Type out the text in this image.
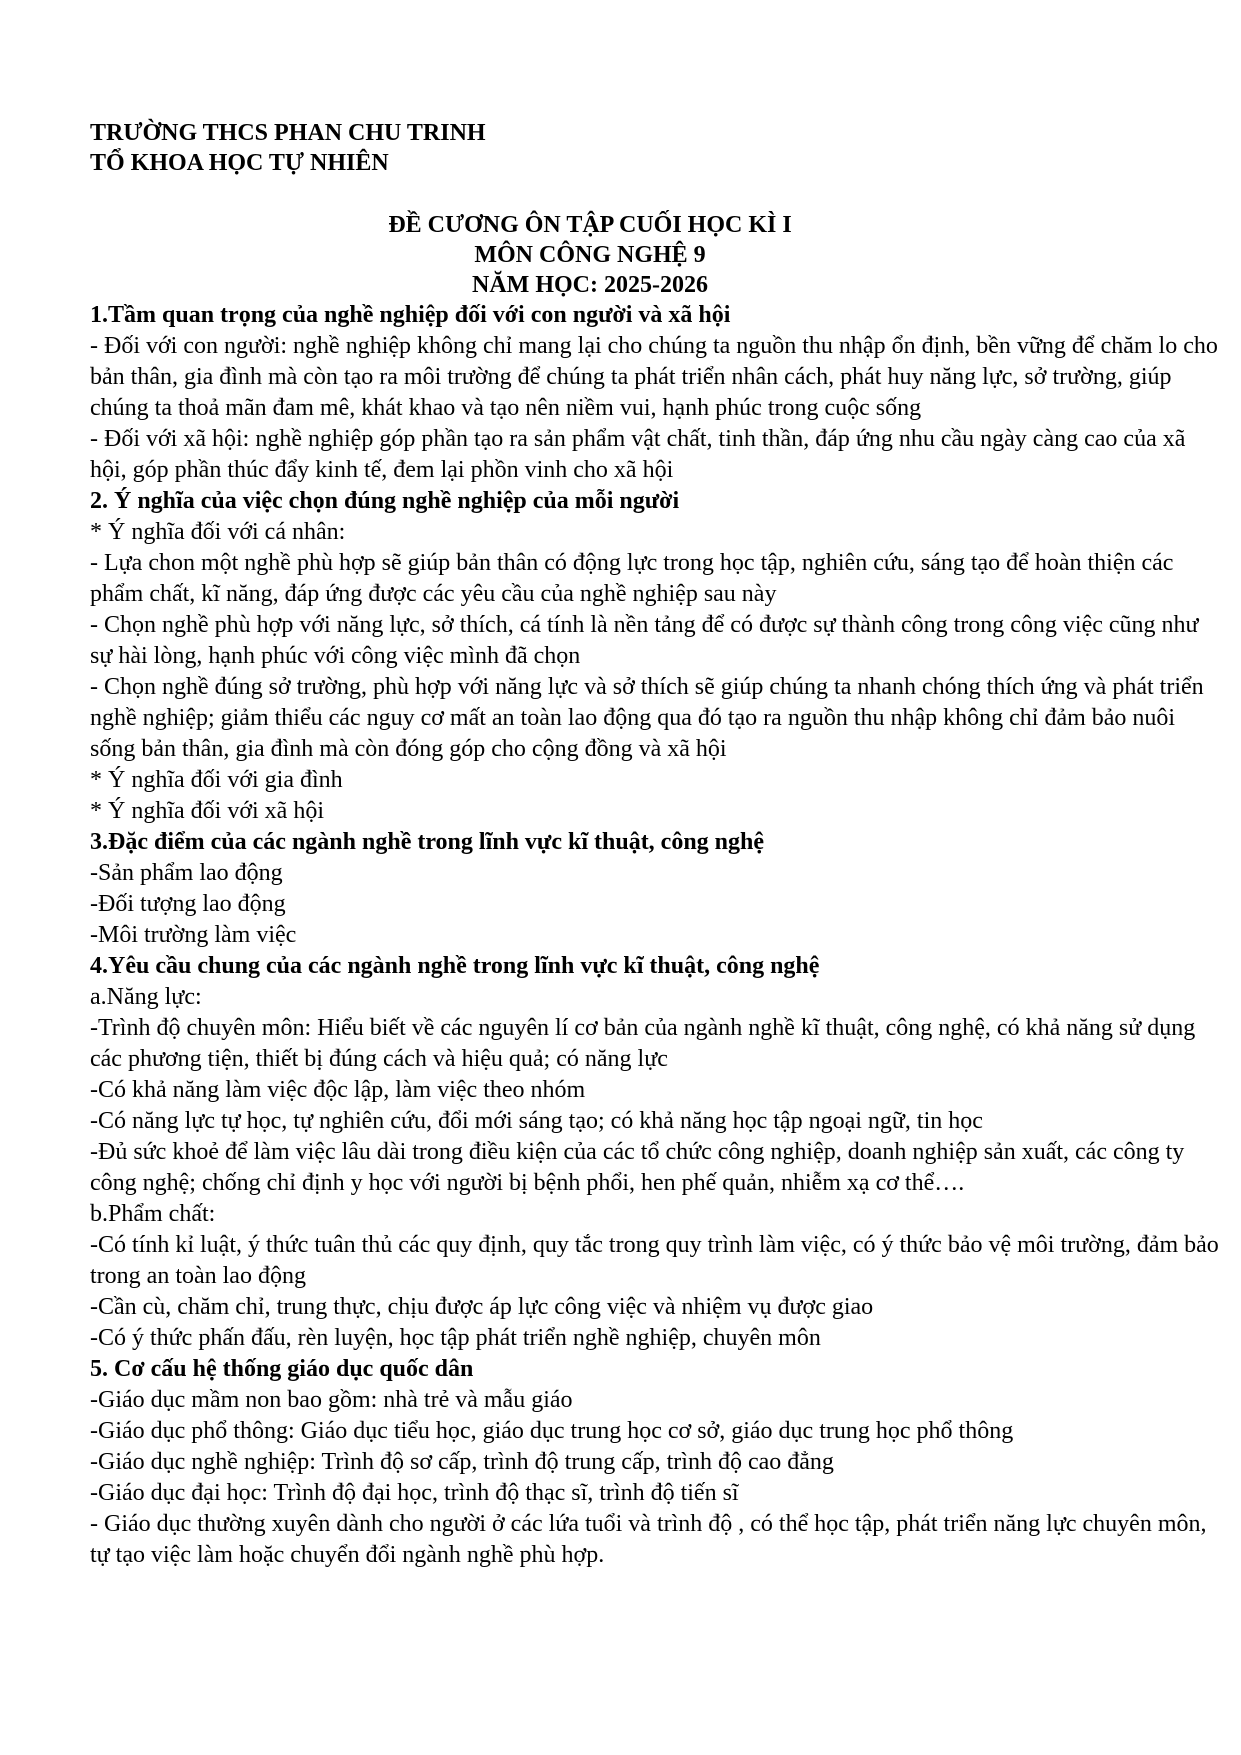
TRƯỜNG THCS PHAN CHU TRINH

TỔ KHOA HỌC TỰ NHIÊN

ĐỀ CƯƠNG ÔN TẬP CUỐI HỌC KÌ I

MÔN CÔNG NGHỆ 9

NĂM HỌC: 2025-2026

1.Tầm quan trọng của nghề nghiệp đối với con người và xã hội

- Đối với con người: nghề nghiệp không chỉ mang lại cho chúng ta nguồn thu nhập ổn định, bền vững để chăm lo cho bản thân, gia đình mà còn tạo ra môi trường để chúng ta phát triển nhân cách, phát huy năng lực, sở trường, giúp chúng ta thoả mãn đam mê, khát khao và tạo nên niềm vui, hạnh phúc trong cuộc sống

- Đối với xã hội: nghề nghiệp góp phần tạo ra sản phẩm vật chất, tinh thần, đáp ứng nhu cầu ngày càng cao của xã hội, góp phần thúc đẩy kinh tế, đem lại phồn vinh cho xã hội

2. Ý nghĩa của việc chọn đúng nghề nghiệp của mỗi người

* Ý nghĩa đối với cá nhân:

- Lựa chon một nghề phù hợp sẽ giúp bản thân có động lực trong học tập, nghiên cứu, sáng tạo để hoàn thiện các phẩm chất, kĩ năng, đáp ứng được các yêu cầu của nghề nghiệp sau này

- Chọn nghề phù hợp với năng lực, sở thích, cá tính là nền tảng để có được sự thành công trong công việc cũng như sự hài lòng, hạnh phúc với công việc mình đã chọn

- Chọn nghề đúng sở trường, phù hợp với năng lực và sở thích sẽ giúp chúng ta nhanh chóng thích ứng và phát triển nghề nghiệp; giảm thiểu các nguy cơ mất an toàn lao động qua đó tạo ra nguồn thu nhập không chỉ đảm bảo nuôi sống bản thân, gia đình mà còn đóng góp cho cộng đồng và xã hội

* Ý nghĩa đối với gia đình

* Ý nghĩa đối với xã hội

3.Đặc điểm của các ngành nghề trong lĩnh vực kĩ thuật, công nghệ

-Sản phẩm lao động

-Đối tượng lao động

-Môi trường làm việc

4.Yêu cầu chung của các ngành nghề trong lĩnh vực kĩ thuật, công nghệ

a.Năng lực:

-Trình độ chuyên môn: Hiểu biết về các nguyên lí cơ bản của ngành nghề kĩ thuật, công nghệ, có khả năng sử dụng các phương tiện, thiết bị đúng cách và hiệu quả; có năng lực

-Có khả năng làm việc độc lập, làm việc theo nhóm

-Có năng lực tự học, tự nghiên cứu, đổi mới sáng tạo; có khả năng học tập ngoại ngữ, tin học

-Đủ sức khoẻ để làm việc lâu dài trong điều kiện của các tổ chức công nghiệp, doanh nghiệp sản xuất, các công ty công nghệ; chống chỉ định y học với người bị bệnh phổi, hen phế quản, nhiễm xạ cơ thể….

b.Phẩm chất:

-Có tính kỉ luật, ý thức tuân thủ các quy định, quy tắc trong quy trình làm việc, có ý thức bảo vệ môi trường, đảm bảo trong an toàn lao động

-Cần cù, chăm chỉ, trung thực, chịu được áp lực công việc và nhiệm vụ được giao

-Có ý thức phấn đấu, rèn luyện, học tập phát triển nghề nghiệp, chuyên môn

5. Cơ cấu hệ thống giáo dục quốc dân

-Giáo dục mầm non bao gồm: nhà trẻ và mẫu giáo

-Giáo dục phổ thông: Giáo dục tiểu học, giáo dục trung học cơ sở, giáo dục trung học phổ thông

-Giáo dục nghề nghiệp: Trình độ sơ cấp, trình độ trung cấp, trình độ cao đẳng

-Giáo dục đại học: Trình độ đại học, trình độ thạc sĩ, trình độ tiến sĩ

- Giáo dục thường xuyên dành cho người ở các lứa tuổi và trình độ , có thể học tập, phát triển năng lực chuyên môn, tự tạo việc làm hoặc chuyển đổi ngành nghề phù hợp.
